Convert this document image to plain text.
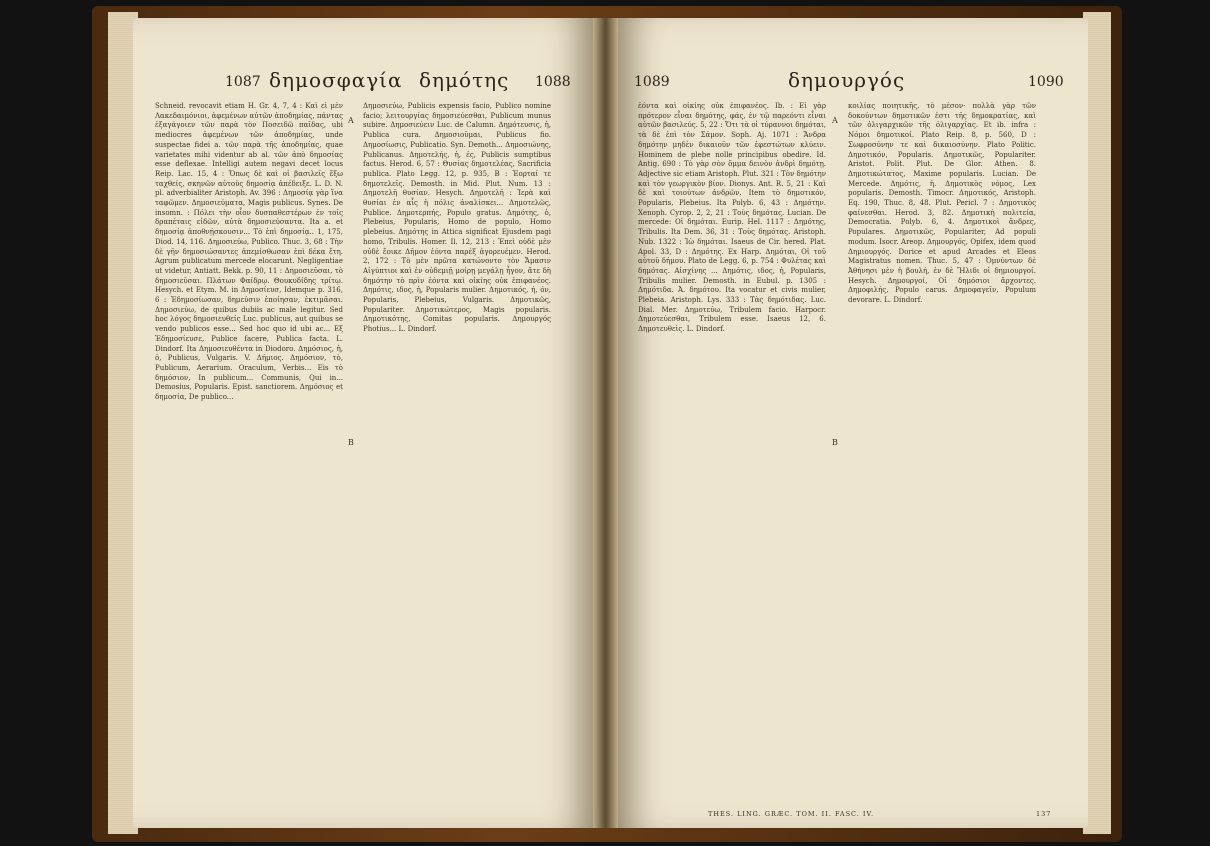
1087 δημοσφαγία δημότης 1088
Schneid. revocavit etiam H. Gr. 4, 7, 4 : Καὶ εἰ μὲν Λακεδαιμόνιοι, ἀφεμένων αὐτῶν ἀποδημίας, πάντας ἐξαγάγοιεν τῶν παρὰ τὸν Ποσειδῶ παῖδας, ubi mediocres ἀφεμένων τῶν ἀποδημίας, unde suspectae fidei a. τῶν παρὰ τῆς ἀποδημίας, quae varietates mihi videntur ab al. τῶν ἀπὸ δημοσίας esse deflexae. Intelligi autem negavi decet locus Reip. Lac. 15, 4 : Ὅπως δὲ καὶ οἱ βασιλεῖς ἔξω ταχθείς, σκηνῶν αὐτοὺς δημοσίᾳ ἀπέδειξε. L. D. N. pl. adverbialiter Aristoph. Av. 396 : Δημοσίᾳ γὰρ ἵνα ταφῶμεν. Δημοσιεύματα, Magis publicus. Synes. De insomn. : Πόλει τὴν οἷον δυσπαθεστέρων ἐν τοῖς δραπέταις εἰδῶν, αὐτὰ δημοσιεύσαντα. Ita a. et δημοσίᾳ ἀποθνῄσκουσιν... Τὸ ἐπὶ δημοσίᾳ.. 1, 175, Diod. 14, 116. Δημοσιεύω, Publico. Thuc. 3, 68 : Τὴν δὲ γῆν δημοσιώσαντες ἀπεμίσθωσαν ἐπὶ δέκα ἔτη. Agrum publicatum mercede elocarunt. Negligentiae ut videtur, Antiatt. Bekk. p. 90, 11 : Δημοσιεῦσαι, τὸ δημοσιεῦσαι. Πλάτων Φαίδρῳ. Θουκυδίδης τρίτῳ. Hesych. et Etym. M. in Δημοσίευσ, Idemque p. 316, 6 : Ἐδημοσίωσαν, δημεύσιν ἐποίησαν, ἐκτιμᾶσαι. Δημοσιεύω, de quibus dubiis ac male legitur. Sed hoc λόγος δημοσιευθείς Luc. publicus, aut quibus se vendo publicos esse... Sed hoc quo id ubi ac... Εξ Ἐδημοσίευσε, Publice facere, Publica facta. L. Dindorf. Ita Δημοσιευθέντα in Diodoro. Δημόσιος, ἡ, ὁ, Publicus, Vulgaris. V. Δήμιος. Δημόσιον, τὸ, Publicum, Aerarium. Oraculum, Verbis... Eis τὸ δημόσιον, In publicum... Communis, Qui in... Demosius, Popularis. Epist. sanctiorem. Δημόσιος et δημοσία, De publico...
A
B
Δημοσιεύω, Publicis expensis facio, Publico nomine facio; λειτουργίας δημοσιεύεσθαι, Publicum munus subire. Δημοσιεύειν Luc. de Calumn. Δημότευσις, ἡ, Publica cura. Δημοσιοῦμαι, Publicus fio. Δημοσίωσις, Publicatio. Syn. Demoth... Δημοσιώνης, Publicanus. Δημοτελής, ἡ, ἐς, Publicis sumptibus factus. Herod. 6, 57 : Θυσίας δημοτελέας, Sacrificia publica. Plato Legg. 12, p. 935, B : Ἑορταί τε δημοτελεῖς. Demosth. in Mid. Plut. Num. 13 : Δημοτελῆ θυσίαν. Hesych. Δημοτελῆ : Ἱερὰ καὶ θυσίαι ἐν αἷς ἡ πόλις ἀναλίσκει... Δημοτελῶς, Publice. Δημοτερπής, Populo gratus. Δημότης, ὁ, Plebeius, Popularis, Homo de populo, Homo plebeius. Δημότης in Attica significat Ejusdem pagi homo, Tribulis. Homer. Il. 12, 213 : Ἐπεὶ οὐδὲ μὲν οὐδὲ ἔοικε Δῆμον ἐόντα παρὲξ ἀγορευέμεν. Herod. 2, 172 : Τὸ μὲν πρῶτα κατώνοντο τὸν Ἄμασιν Αἰγύπτιοι καὶ ἐν οὐδεμιῇ μοίρῃ μεγάλῃ ἦγον, ἅτε δὴ δημότην τὸ πρὶν ἐόντα καὶ οἰκίης οὐκ ἐπιφανέος. Δημότις, ιδος, ἡ, Popularis mulier. Δημοτικός, ή, όν, Popularis, Plebeius, Vulgaris. Δημοτικῶς, Populariter. Δημοτικώτερος, Magis popularis. Δημοτικότης, Comitas popularis. Δημουργός Photius... L. Dindorf.
1089	δημουργός	1090
ἐόντα καὶ οἰκίης οὐκ ἐπιφανέος. Ib. : Εἰ γὰρ πρότερον εἶναι δημότης, φάς, ἐν τῷ παρεόντι εἶναι αὐτῶν βασιλεύς. 5, 22 : Ὅτι τὰ οἱ τύραννοι δημόται, τὰ δὲ ἐπὶ τὸν Σάμον. Soph. Aj. 1071 : Ἄνδρα δημότην μηδὲν δικαιοῦν τῶν ἐφεστώτων κλύειν. Hominem de plebe nolle principibus obedire. Id. Antig. 690 : Τὸ γὰρ σὸν ὄμμα δεινὸν ἀνδρὶ δημότῃ. Adjective sic etiam Aristoph. Plut. 321 : Τὸν δημότην καὶ τὸν γεωργικὸν βίον. Dionys. Ant. R. 5, 21 : Καὶ δὲ καὶ τοιούτων ἀνδρῶν. Item τὸ δημοτικόν, Popularis, Plebeius. Ita Polyb. 6, 43 : Δημότην. Xenoph. Cyrop. 2, 2, 21 : Τοὺς δημότας. Lucian. De mercede: Οἱ δημόται. Eurip. Hel. 1117 : Δημότης, Tribulis. Ita Dem. 36, 31 : Τοὺς δημότας. Aristoph. Nub. 1322 : Ἰὼ δημόται. Isaeus de Cir. hered. Plat. Apol. 33, D : Δημότης. Ex Harp. Δημόται, Οἱ τοῦ αὐτοῦ δήμου. Plato de Legg. 6, p. 754 : Φυλέτας καὶ δημότας. Αἰσχίνης ... Δημότις, ιδος, ἡ, Popularis, Tribulis mulier. Demosth. in Eubul. p. 1305 : Δημότιδα. Ἀ. δημότου. Ita vocatur et civis mulier, Plebeia. Aristoph. Lys. 333 : Τὰς δημότιδας. Luc. Dial. Mer. Δημοτεύω, Tribulem facio. Harpocr. Δημοτεύεσθαι, Tribulem esse. Isaeus 12, 6. Δημοτευθεὶς. L. Dindorf.
A
B
κοιλίας ποιητικῆς, τὸ μέσον· πολλὰ γὰρ τῶν δοκούντων δημοτικῶν ἐστι τῆς δημοκρατίας, καὶ τῶν ὀλιγαρχικῶν τῆς ὀλιγαρχίας. Et ib. infra : Νόμοι δημοτικοί. Plato Reip. 8, p. 560, D : Σωφροσύνην τε καὶ δικαιοσύνην. Plato Politic. Δημοτικόν, Popularis. Δημοτικῶς, Populariter. Aristot. Polit. Plut. De Glor. Athen. 8. Δημοτικώτατος, Maxime popularis. Lucian. De Mercede. Δημότις, ἡ. Δημοτικὸς νόμος, Lex popularis. Demosth. Timocr. Δημοτικός, Aristoph. Eq. 190, Thuc. 8, 48. Plut. Pericl. 7 : Δημοτικὸς φαίνεσθαι. Herod. 3, 82. Δημοτικὴ πολιτεία, Democratia. Polyb. 6, 4. Δημοτικοὶ ἄνδρες, Populares. Δημοτικῶς, Populariter, Ad populi modum. Isocr. Areop. Δημουργός, Opifex, idem quod Δημιουργός. Dorice et apud Arcades et Eleos Magistratus nomen. Thuc. 5, 47 : Ὀμνύντων δὲ Ἀθήνησι μὲν ἡ βουλή, ἐν δὲ Ἤλιδι οἱ δημιουργοί. Hesych. Δημουργοί, Οἱ δημόσιοι ἄρχοντες. Δημοφιλής, Populo carus. Δημοφαγεῖν, Populum devorare. L. Dindorf.
THES. LING. GRÆC. TOM. II. FASC. IV.	137
